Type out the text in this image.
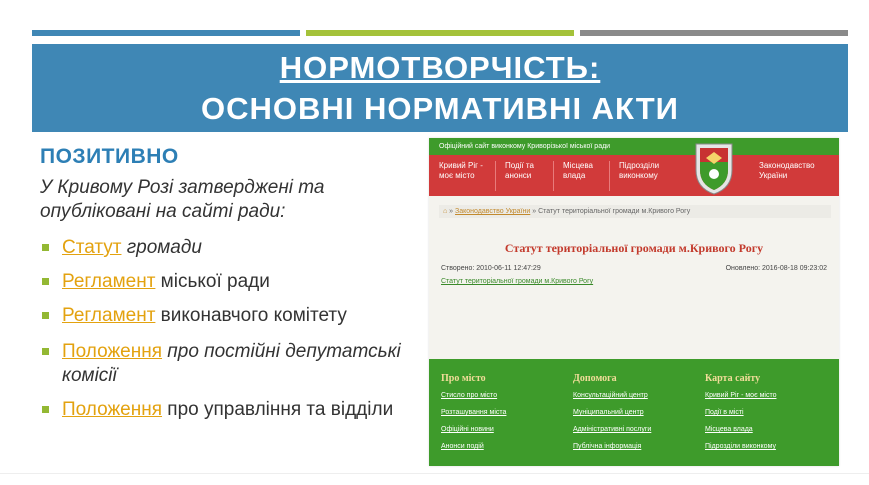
НОРМОТВОРЧІСТЬ:
ОСНОВНІ НОРМАТИВНІ АКТИ
ПОЗИТИВНО
У Кривому Розі затверджені та опубліковані на сайті ради:
Статут громади
Регламент міської ради
Регламент виконавчого комітету
Положення про постійні депутатські комісії
Положення про управління та відділи
Офіційний сайт виконкому Криворізької міської ради
Кривий Ріг - моє місто
Події та анонси
Місцева влада
Підрозділи виконкому
Законодавство України
⌂ » Законодавство України » Статут територіальної громади м.Кривого Рогу
Статут територіальної громади м.Кривого Рогу
Створено: 2010-06-11 12:47:29	Оновлено: 2016-08-18 09:23:02
Статут територіальної громади м.Кривого Рогу
Про місто
Стисло про місто
Розташування міста
Офіційні новини
Анонси подій
Допомога
Консультаційний центр
Муніципальний центр
Адміністративні послуги
Публічна інформація
Карта сайту
Кривий Ріг - моє місто
Події в місті
Місцева влада
Підрозділи виконкому
